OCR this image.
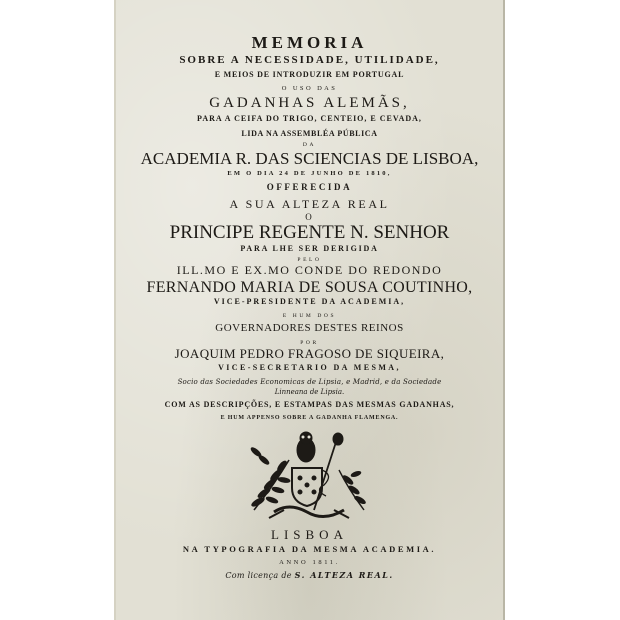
MEMORIA
SOBRE A NECESSIDADE, UTILIDADE,
E MEIOS DE INTRODUZIR EM PORTUGAL
O USO DAS
GADANHAS ALEMÃS,
PARA A CEIFA DO TRIGO, CENTEIO, E CEVADA,
LIDA NA ASSEMBLÉA PÚBLICA
DA
ACADEMIA R. DAS SCIENCIAS DE LISBOA,
EM O DIA 24 DE JUNHO DE 1810,
OFFERECIDA
A SUA ALTEZA REAL
O
PRINCIPE REGENTE N. SENHOR
PARA LHE SER DERIGIDA
PELO
ILL.MO E EX.MO CONDE DO REDONDO
FERNANDO MARIA DE SOUSA COUTINHO,
VICE-PRESIDENTE DA ACADEMIA,
E HUM DOS
GOVERNADORES DESTES REINOS
POR
JOAQUIM PEDRO FRAGOSO DE SIQUEIRA,
VICE-SECRETARIO DA MESMA,
Socio das Sociedades Economicas de Lipsia, e Madrid, e da Sociedade
Linneana de Lipsia.
COM AS DESCRIPÇÕES, E ESTAMPAS DAS MESMAS GADANHAS,
E HUM APPENSO SOBRE A GADANHA FLAMENGA.
LISBOA
NA TYPOGRAFIA DA MESMA ACADEMIA.
ANNO 1811.
Com licença de S. ALTEZA REAL.
